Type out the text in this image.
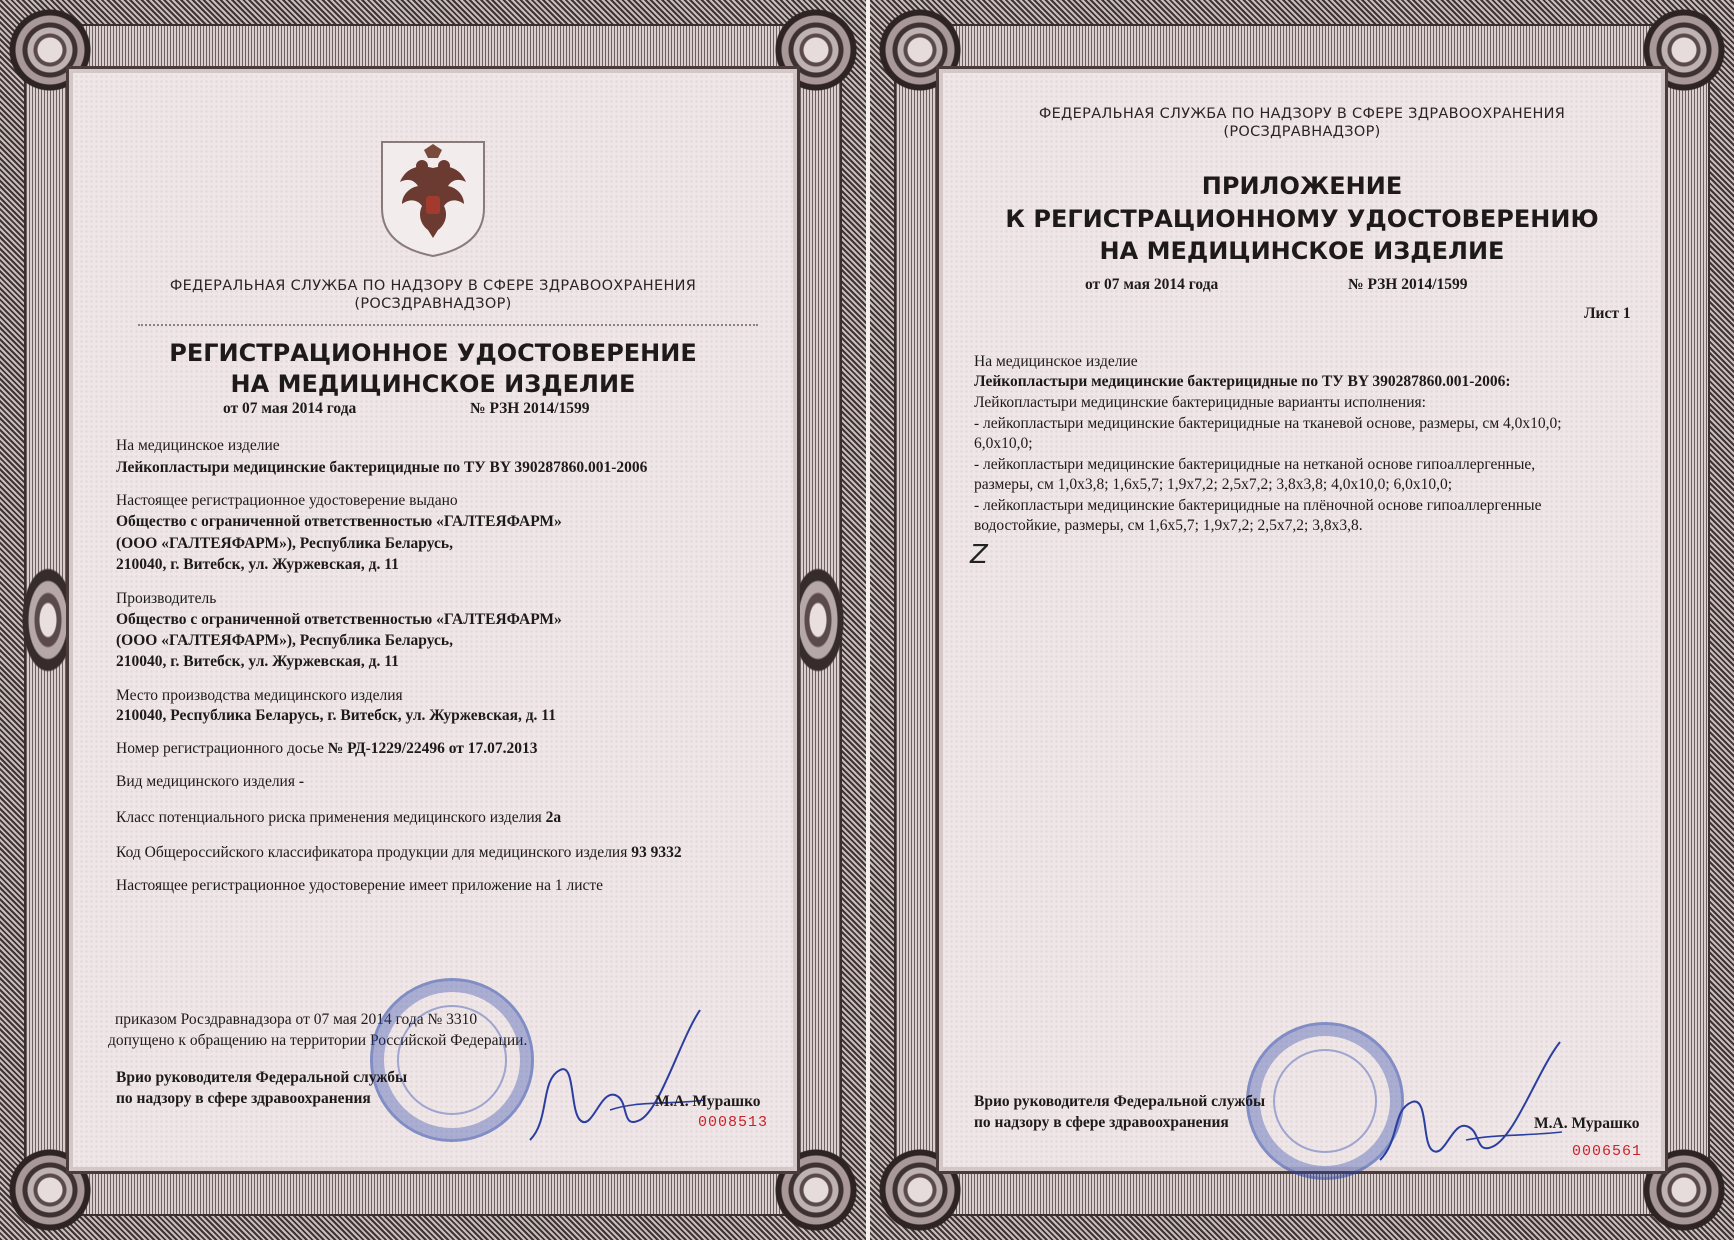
ФЕДЕРАЛЬНАЯ СЛУЖБА ПО НАДЗОРУ В СФЕРЕ ЗДРАВООХРАНЕНИЯ

(РОСЗДРАВНАДЗОР)

РЕГИСТРАЦИОННОЕ УДОСТОВЕРЕНИЕ

НА МЕДИЦИНСКОЕ ИЗДЕЛИЕ

от 07 мая 2014 года	№ РЗН 2014/1599

На медицинское изделие

Лейкопластыри медицинские бактерицидные по ТУ BY 390287860.001-2006

Настоящее регистрационное удостоверение выдано

Общество с ограниченной ответственностью «ГАЛТЕЯФАРМ»

(ООО «ГАЛТЕЯФАРМ»), Республика Беларусь,

210040, г. Витебск, ул. Журжевская, д. 11

Производитель

Общество с ограниченной ответственностью «ГАЛТЕЯФАРМ»

(ООО «ГАЛТЕЯФАРМ»), Республика Беларусь,

210040, г. Витебск, ул. Журжевская, д. 11

Место производства медицинского изделия

210040, Республика Беларусь, г. Витебск, ул. Журжевская, д. 11

Номер регистрационного досье № РД-1229/22496 от 17.07.2013

Вид медицинского изделия -

Класс потенциального риска применения медицинского изделия 2а

Код Общероссийского классификатора продукции для медицинского изделия 93 9332

Настоящее регистрационное удостоверение имеет приложение на 1 листе

приказом Росздравнадзора от 07 мая 2014 года № 3310

допущено к обращению на территории Российской Федерации.

Врио руководителя Федеральной службы

по надзору в сфере здравоохранения	М.А. Мурашко

0008513

ФЕДЕРАЛЬНАЯ СЛУЖБА ПО НАДЗОРУ В СФЕРЕ ЗДРАВООХРАНЕНИЯ

(РОСЗДРАВНАДЗОР)

ПРИЛОЖЕНИЕ

К РЕГИСТРАЦИОННОМУ УДОСТОВЕРЕНИЮ

НА МЕДИЦИНСКОЕ ИЗДЕЛИЕ

от 07 мая 2014 года	№ РЗН 2014/1599

Лист 1

На медицинское изделие

Лейкопластыри медицинские бактерицидные по ТУ BY 390287860.001-2006:

Лейкопластыри медицинские бактерицидные варианты исполнения:

- лейкопластыри медицинские бактерицидные на тканевой основе, размеры, см 4,0х10,0;

6,0х10,0;

- лейкопластыри медицинские бактерицидные на нетканой основе гипоаллергенные,

размеры, см 1,0х3,8; 1,6х5,7; 1,9х7,2; 2,5х7,2; 3,8х3,8; 4,0х10,0; 6,0х10,0;

- лейкопластыри медицинские бактерицидные на плёночной основе гипоаллергенные

водостойкие, размеры, см 1,6х5,7; 1,9х7,2; 2,5х7,2; 3,8х3,8.

Z

Врио руководителя Федеральной службы

по надзору в сфере здравоохранения	М.А. Мурашко

0006561
